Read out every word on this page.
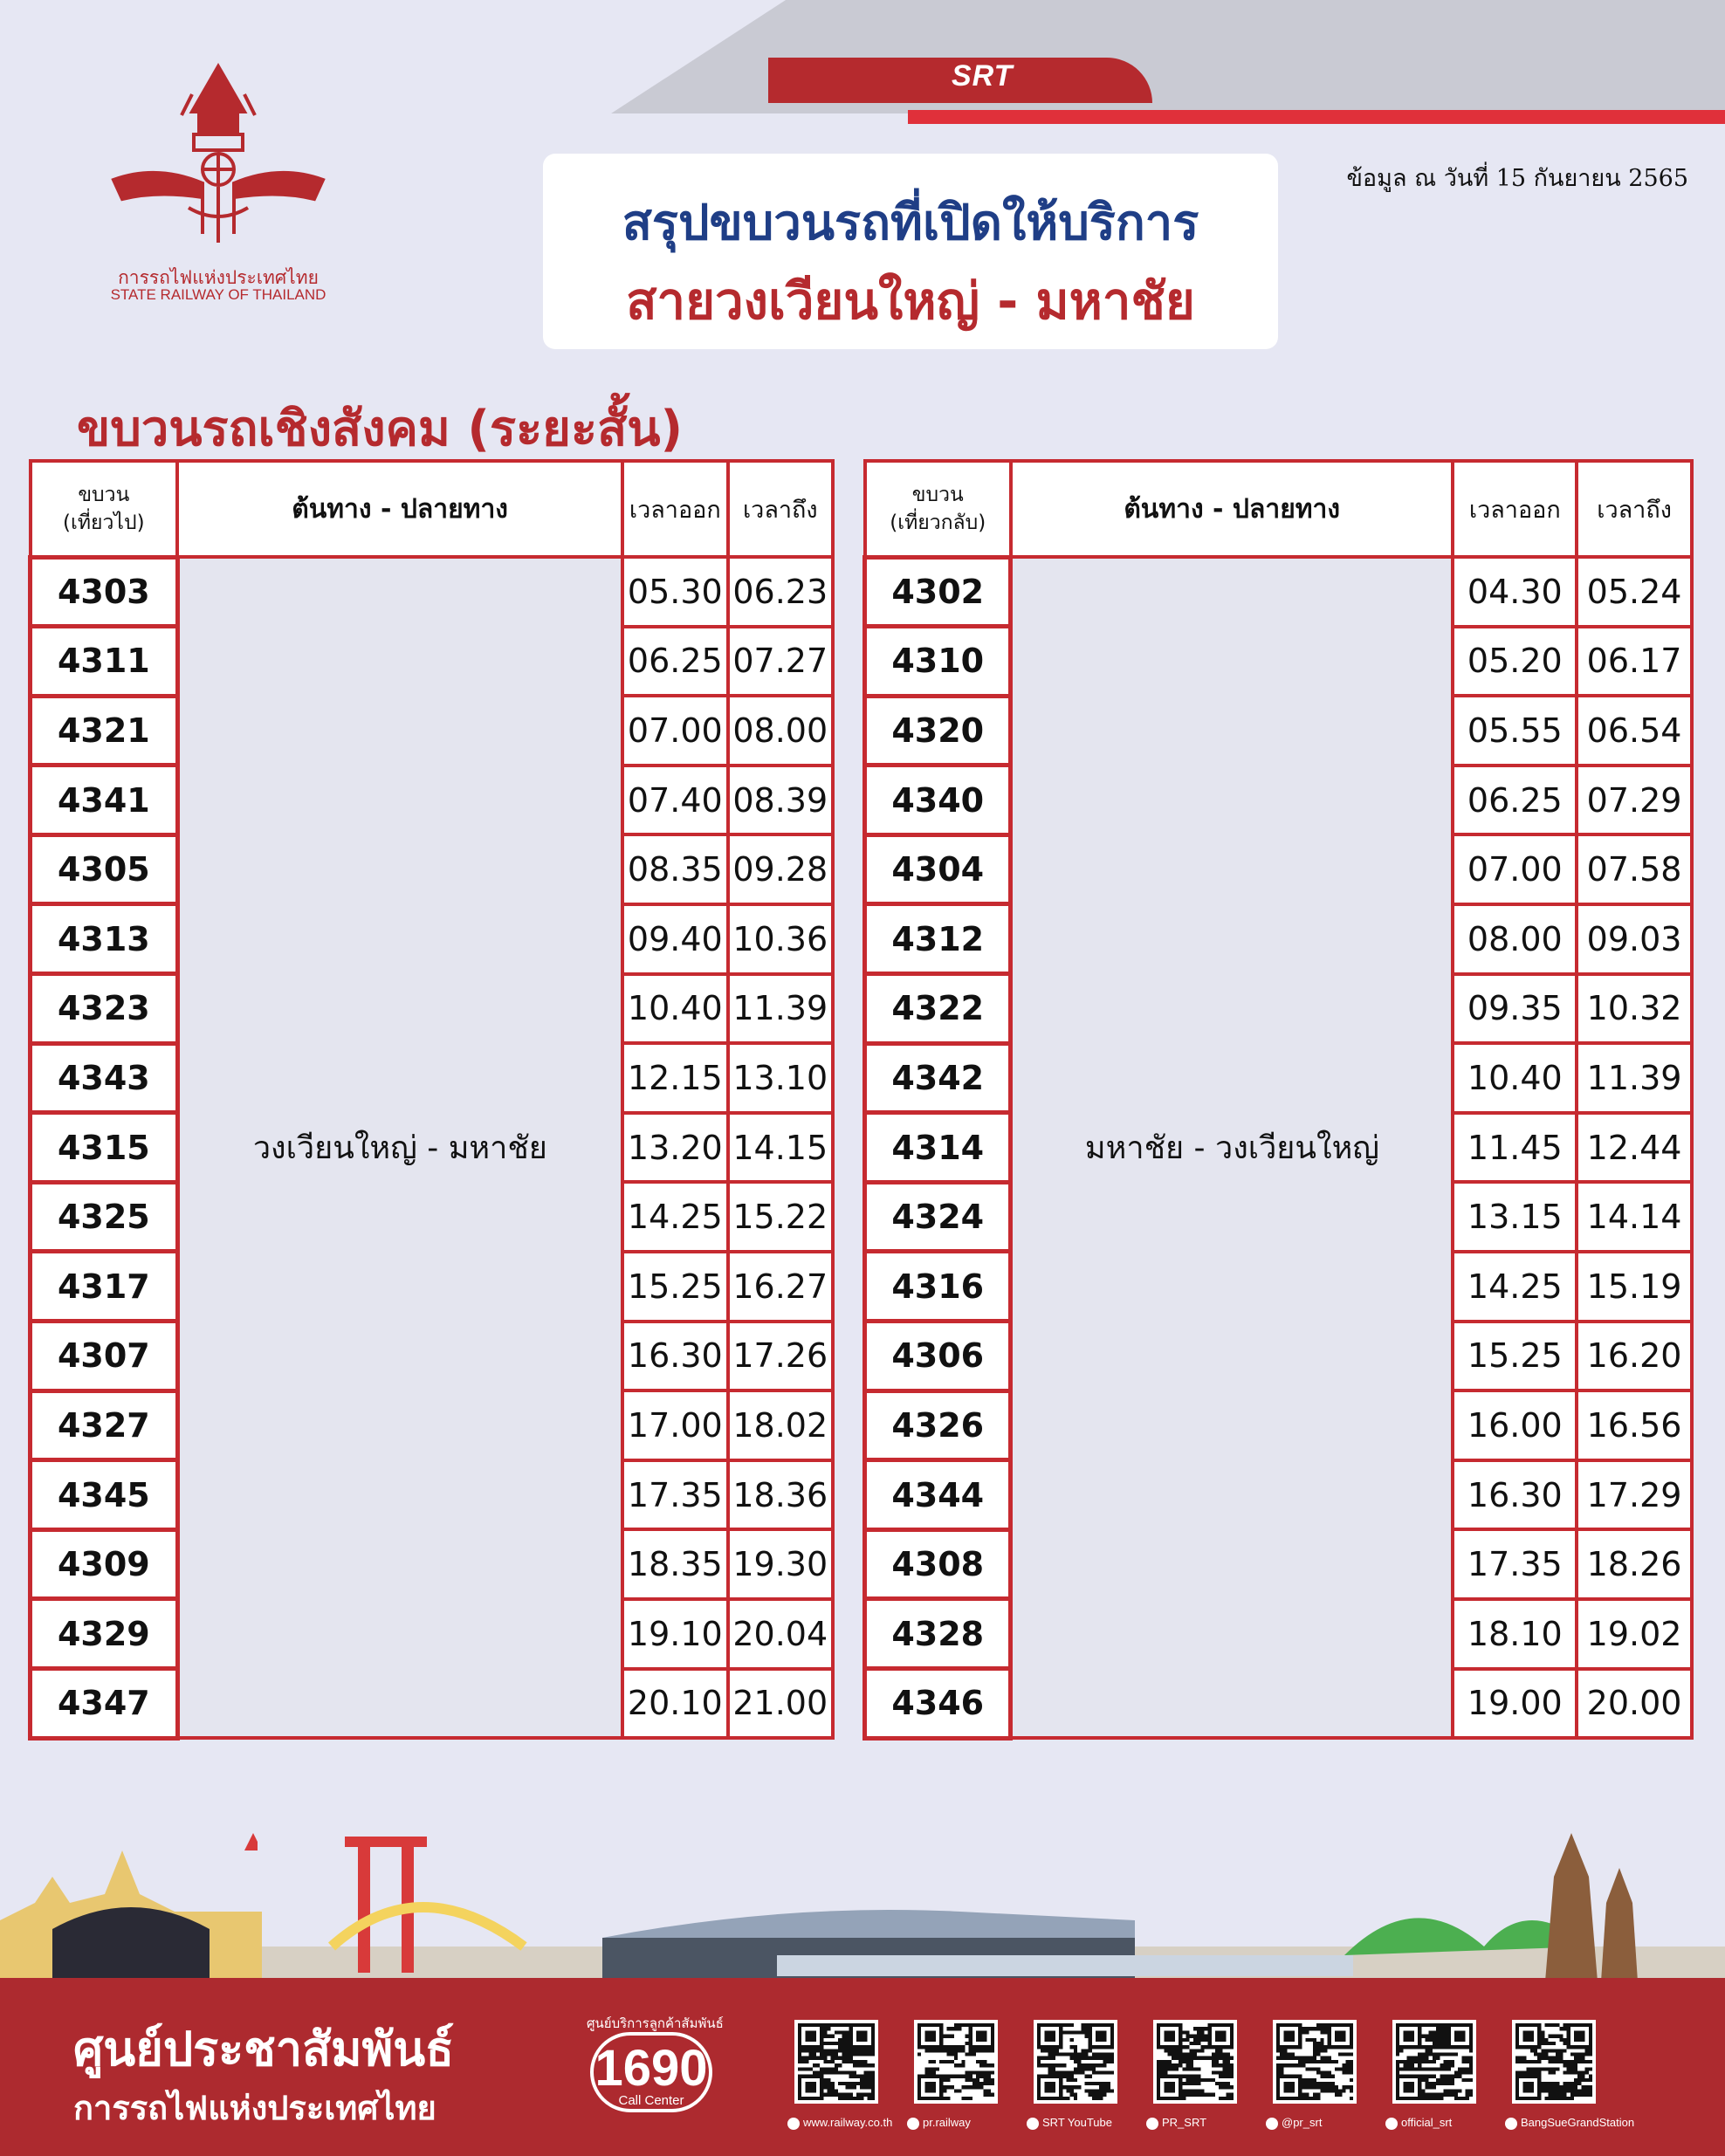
SRT
การรถไฟแห่งประเทศไทย
STATE RAILWAY OF THAILAND
สรุปขบวนรถที่เปิดให้บริการ
สายวงเวียนใหญ่ - มหาชัย
ข้อมูล ณ วันที่ 15 กันยายน 2565
ขบวนรถเชิงสังคม (ระยะสั้น)
ขบวน
(เที่ยวไป)	ต้นทาง - ปลายทาง	เวลาออก	เวลาถึง
4303	วงเวียนใหญ่ - มหาชัย	05.30	06.23
4311		06.25	07.27
4321		07.00	08.00
4341		07.40	08.39
4305		08.35	09.28
4313		09.40	10.36
4323		10.40	11.39
4343		12.15	13.10
4315		13.20	14.15
4325		14.25	15.22
4317		15.25	16.27
4307		16.30	17.26
4327		17.00	18.02
4345		17.35	18.36
4309		18.35	19.30
4329		19.10	20.04
4347		20.10	21.00
ขบวน
(เที่ยวกลับ)	ต้นทาง - ปลายทาง	เวลาออก	เวลาถึง
4302	มหาชัย - วงเวียนใหญ่	04.30	05.24
4310		05.20	06.17
4320		05.55	06.54
4340		06.25	07.29
4304		07.00	07.58
4312		08.00	09.03
4322		09.35	10.32
4342		10.40	11.39
4314		11.45	12.44
4324		13.15	14.14
4316		14.25	15.19
4306		15.25	16.20
4326		16.00	16.56
4344		16.30	17.29
4308		17.35	18.26
4328		18.10	19.02
4346		19.00	20.00
ศูนย์ประชาสัมพันธ์
การรถไฟแห่งประเทศไทย
ศูนย์บริการลูกค้าสัมพันธ์
1690
Call Center
www.railway.co.th	pr.railway	SRT YouTube	PR_SRT	@pr_srt	official_srt	BangSueGrandStation
